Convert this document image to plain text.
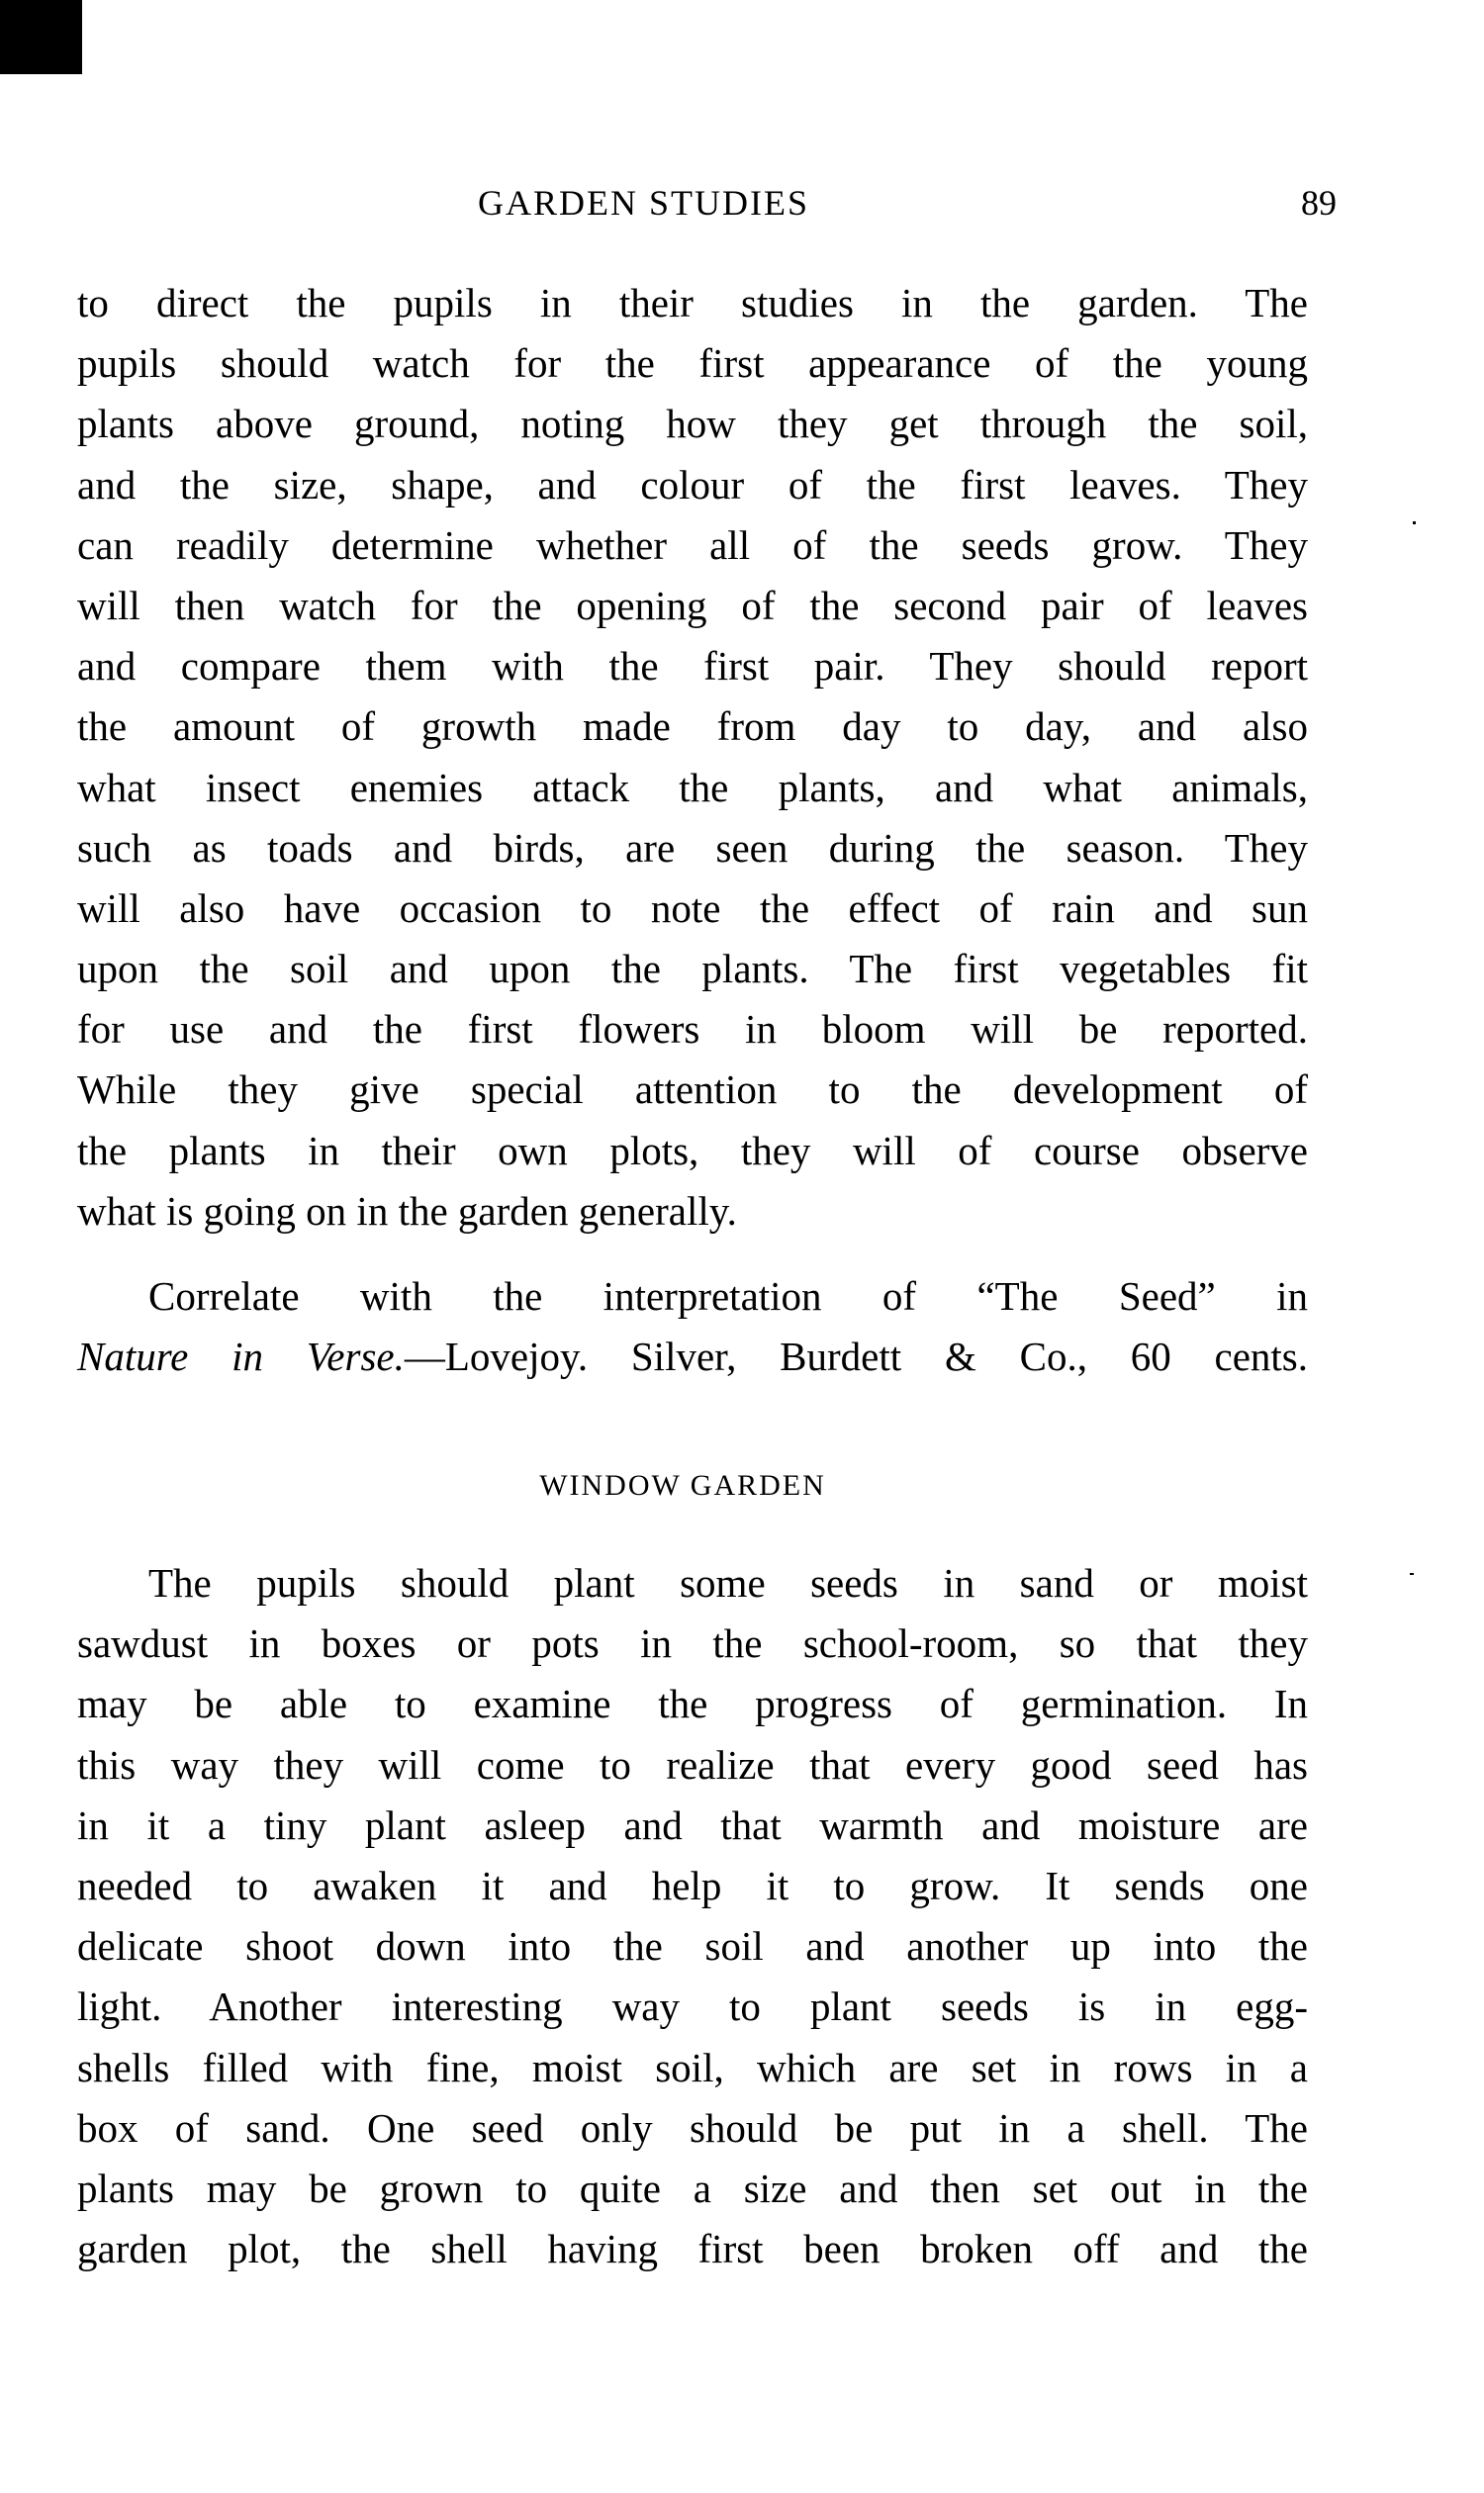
GARDEN STUDIES	89
to direct the pupils in their studies in the garden. The
pupils should watch for the first appearance of the young
plants above ground, noting how they get through the soil,
and the size, shape, and colour of the first leaves. They
can readily determine whether all of the seeds grow. They
will then watch for the opening of the second pair of leaves
and compare them with the first pair. They should report
the amount of growth made from day to day, and also
what insect enemies attack the plants, and what animals,
such as toads and birds, are seen during the season. They
will also have occasion to note the effect of rain and sun
upon the soil and upon the plants. The first vegetables fit
for use and the first flowers in bloom will be reported.
While they give special attention to the development of
the plants in their own plots, they will of course observe
what is going on in the garden generally.
Correlate with the interpretation of “The Seed” in
Nature in Verse.—Lovejoy. Silver, Burdett & Co., 60 cents.
WINDOW GARDEN
The pupils should plant some seeds in sand or moist
sawdust in boxes or pots in the school-room, so that they
may be able to examine the progress of germination. In
this way they will come to realize that every good seed has
in it a tiny plant asleep and that warmth and moisture are
needed to awaken it and help it to grow. It sends one
delicate shoot down into the soil and another up into the
light. Another interesting way to plant seeds is in egg-
shells filled with fine, moist soil, which are set in rows in a
box of sand. One seed only should be put in a shell. The
plants may be grown to quite a size and then set out in the
garden plot, the shell having first been broken off and the
